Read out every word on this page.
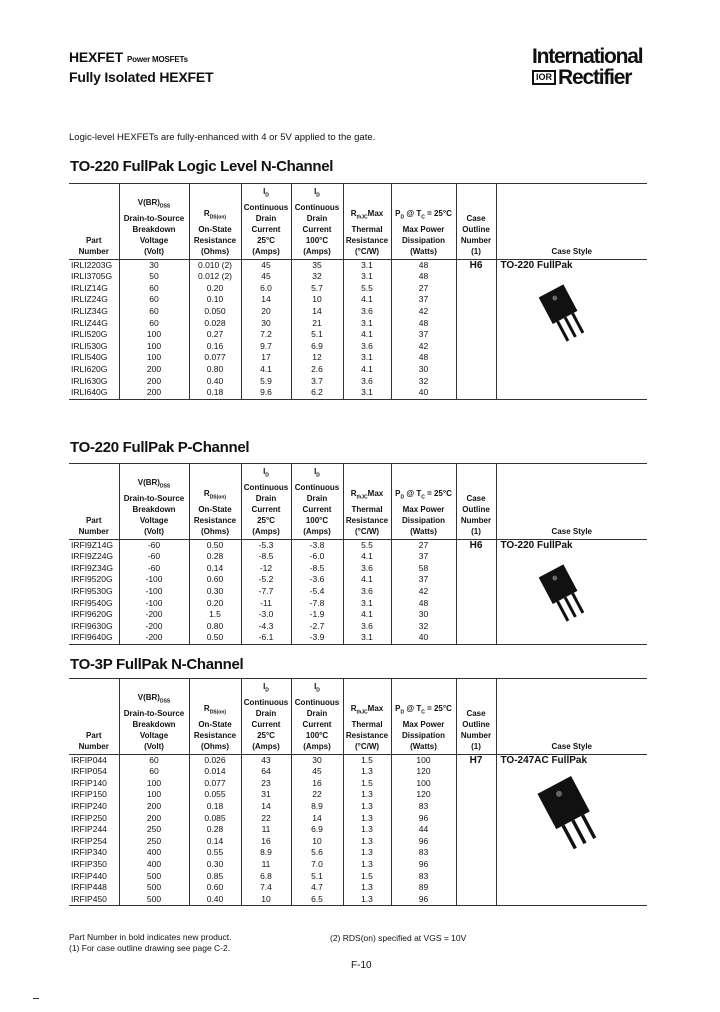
HEXFET Power MOSFETs
Fully Isolated HEXFET
International
IOR Rectifier
Logic-level HEXFETs are fully-enhanced with 4 or 5V applied to the gate.
TO-220 FullPak Logic Level N-Channel
Part
Number	$V(BR)_{DSS}$
Drain-to-Source
Breakdown
Voltage
(Volt)	$R_{DS(on)}$
On-State
Resistance
(Ohms)	$I_D$ Continuous
Drain Current
25°C
(Amps)	$I_D$ Continuous
Drain Current
100°C
(Amps)	$R_{thJC}Max$
Thermal
Resistance
(°C/W)	$P_D$ @ $T_C = 25^\circ C$
Max Power
Dissipation
(Watts)	Case
Outline
Number
(1)	Case Style
IRLI2203G	30	0.010 (2)	45	35	3.1	48	H6	TO-220 FullPak

IRLI3705G	50	0.012 (2)	45	32	3.1	48		
IRLIZ14G	60	0.20	6.0	5.7	5.5	27		
IRLIZ24G	60	0.10	14	10	4.1	37		
IRLIZ34G	60	0.050	20	14	3.6	42		
IRLIZ44G	60	0.028	30	21	3.1	48		
IRLI520G	100	0.27	7.2	5.1	4.1	37		
IRLI530G	100	0.16	9.7	6.9	3.6	42		
IRLI540G	100	0.077	17	12	3.1	48		
IRLI620G	200	0.80	4.1	2.6	4.1	30		
IRLI630G	200	0.40	5.9	3.7	3.6	32		
IRLI640G	200	0.18	9.6	6.2	3.1	40		
TO-220 FullPak P-Channel
Part
Number	$V(BR)_{DSS}$
Drain-to-Source
Breakdown
Voltage
(Volt)	$R_{DS(on)}$
On-State
Resistance
(Ohms)	$I_D$ Continuous
Drain Current
25°C
(Amps)	$I_D$ Continuous
Drain Current
100°C
(Amps)	$R_{thJC}Max$
Thermal
Resistance
(°C/W)	$P_D$ @ $T_C = 25^\circ C$
Max Power
Dissipation
(Watts)	Case
Outline
Number
(1)	Case Style
IRFI9Z14G	-60	0.50	-5.3	-3.8	5.5	27	H6	TO-220 FullPak

IRFI9Z24G	-60	0.28	-8.5	-6.0	4.1	37		
IRFI9Z34G	-60	0.14	-12	-8.5	3.6	58		
IRFI9520G	-100	0.60	-5.2	-3.6	4.1	37		
IRFI9530G	-100	0.30	-7.7	-5.4	3.6	42		
IRFI9540G	-100	0.20	-11	-7.8	3.1	48		
IRFI9620G	-200	1.5	-3.0	-1.9	4.1	30		
IRFI9630G	-200	0.80	-4.3	-2.7	3.6	32		
IRFI9640G	-200	0.50	-6.1	-3.9	3.1	40		
TO-3P FullPak N-Channel
Part
Number	$V(BR)_{DSS}$
Drain-to-Source
Breakdown
Voltage
(Volt)	$R_{DS(on)}$
On-State
Resistance
(Ohms)	$I_D$ Continuous
Drain Current
25°C
(Amps)	$I_D$ Continuous
Drain Current
100°C
(Amps)	$R_{thJC}Max$
Thermal
Resistance
(°C/W)	$P_D$ @ $T_C = 25^\circ C$
Max Power
Dissipation
(Watts)	Case
Outline
Number
(1)	Case Style
IRFIP044	60	0.026	43	30	1.5	100	H7	TO-247AC FullPak

IRFIP054	60	0.014	64	45	1.3	120		
IRFIP140	100	0.077	23	16	1.5	100		
IRFIP150	100	0.055	31	22	1.3	120		
IRFIP240	200	0.18	14	8.9	1.3	83		
IRFIP250	200	0.085	22	14	1.3	96		
IRFIP244	250	0.28	11	6.9	1.3	44		
IRFIP254	250	0.14	16	10	1.3	96		
IRFIP340	400	0.55	8.9	5.6	1.3	83		
IRFIP350	400	0.30	11	7.0	1.3	96		
IRFIP440	500	0.85	6.8	5.1	1.5	83		
IRFIP448	500	0.60	7.4	4.7	1.3	89		
IRFIP450	500	0.40	10	6.5	1.3	96		
Part Number in bold indicates new product.
(1) For case outline drawing see page C-2.
(2) RDS(on) specified at VGS = 10V
F-10
